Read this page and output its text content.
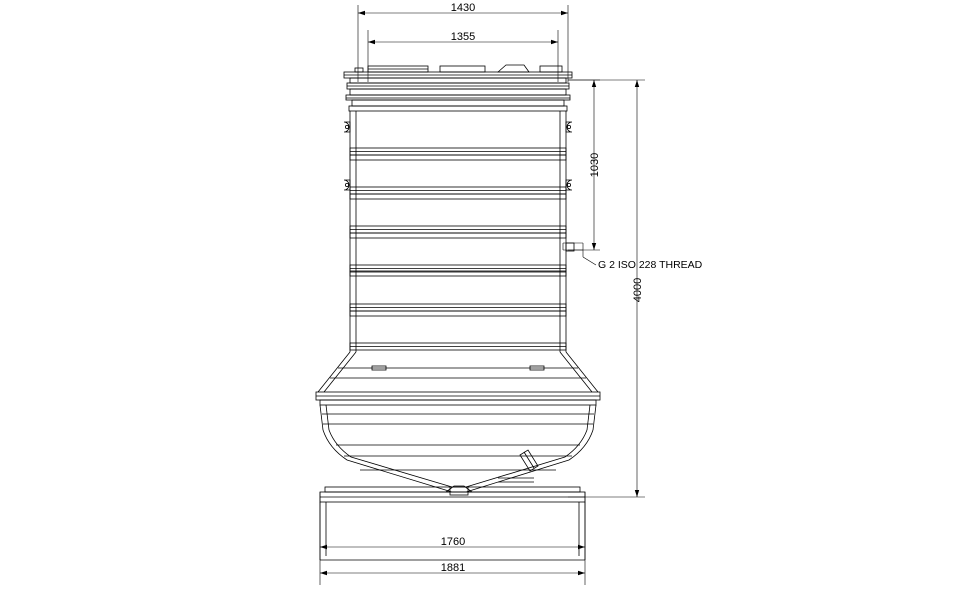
1430
1355
1030
4000
1760
1881
G 2 ISO 228 THREAD
